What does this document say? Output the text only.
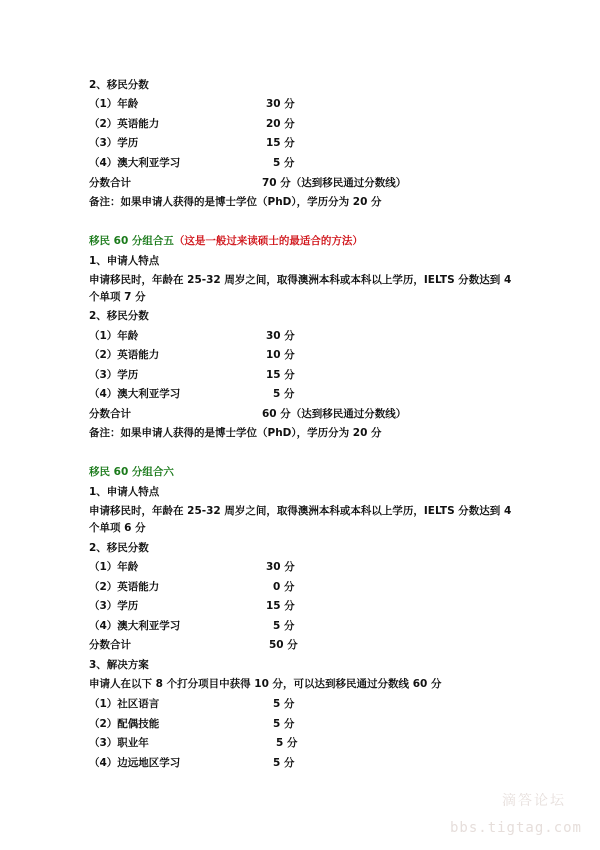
2、移民分数
（1）年龄	30 分
（2）英语能力	20 分
（3）学历	15 分
（4）澳大利亚学习	5 分
分数合计	70 分（达到移民通过分数线）
备注：如果申请人获得的是博士学位（PhD），学历分为 20 分
移民 60 分组合五（这是一般过来读硕士的最适合的方法）
1、申请人特点
申请移民时，年龄在 25-32 周岁之间，取得澳洲本科或本科以上学历，IELTS 分数达到 4
个单项 7 分
2、移民分数
（1）年龄	30 分
（2）英语能力	10 分
（3）学历	15 分
（4）澳大利亚学习	5 分
分数合计	60 分（达到移民通过分数线）
备注：如果申请人获得的是博士学位（PhD），学历分为 20 分
移民 60 分组合六
1、申请人特点
申请移民时，年龄在 25-32 周岁之间，取得澳洲本科或本科以上学历，IELTS 分数达到 4
个单项 6 分
2、移民分数
（1）年龄	30 分
（2）英语能力	0 分
（3）学历	15 分
（4）澳大利亚学习	5 分
分数合计	50 分
3、解决方案
申请人在以下 8 个打分项目中获得 10 分，可以达到移民通过分数线 60 分
（1）社区语言	5 分
（2）配偶技能	5 分
（3）职业年	5 分
（4）边远地区学习	5 分
滴答论坛
bbs.tigtag.com
